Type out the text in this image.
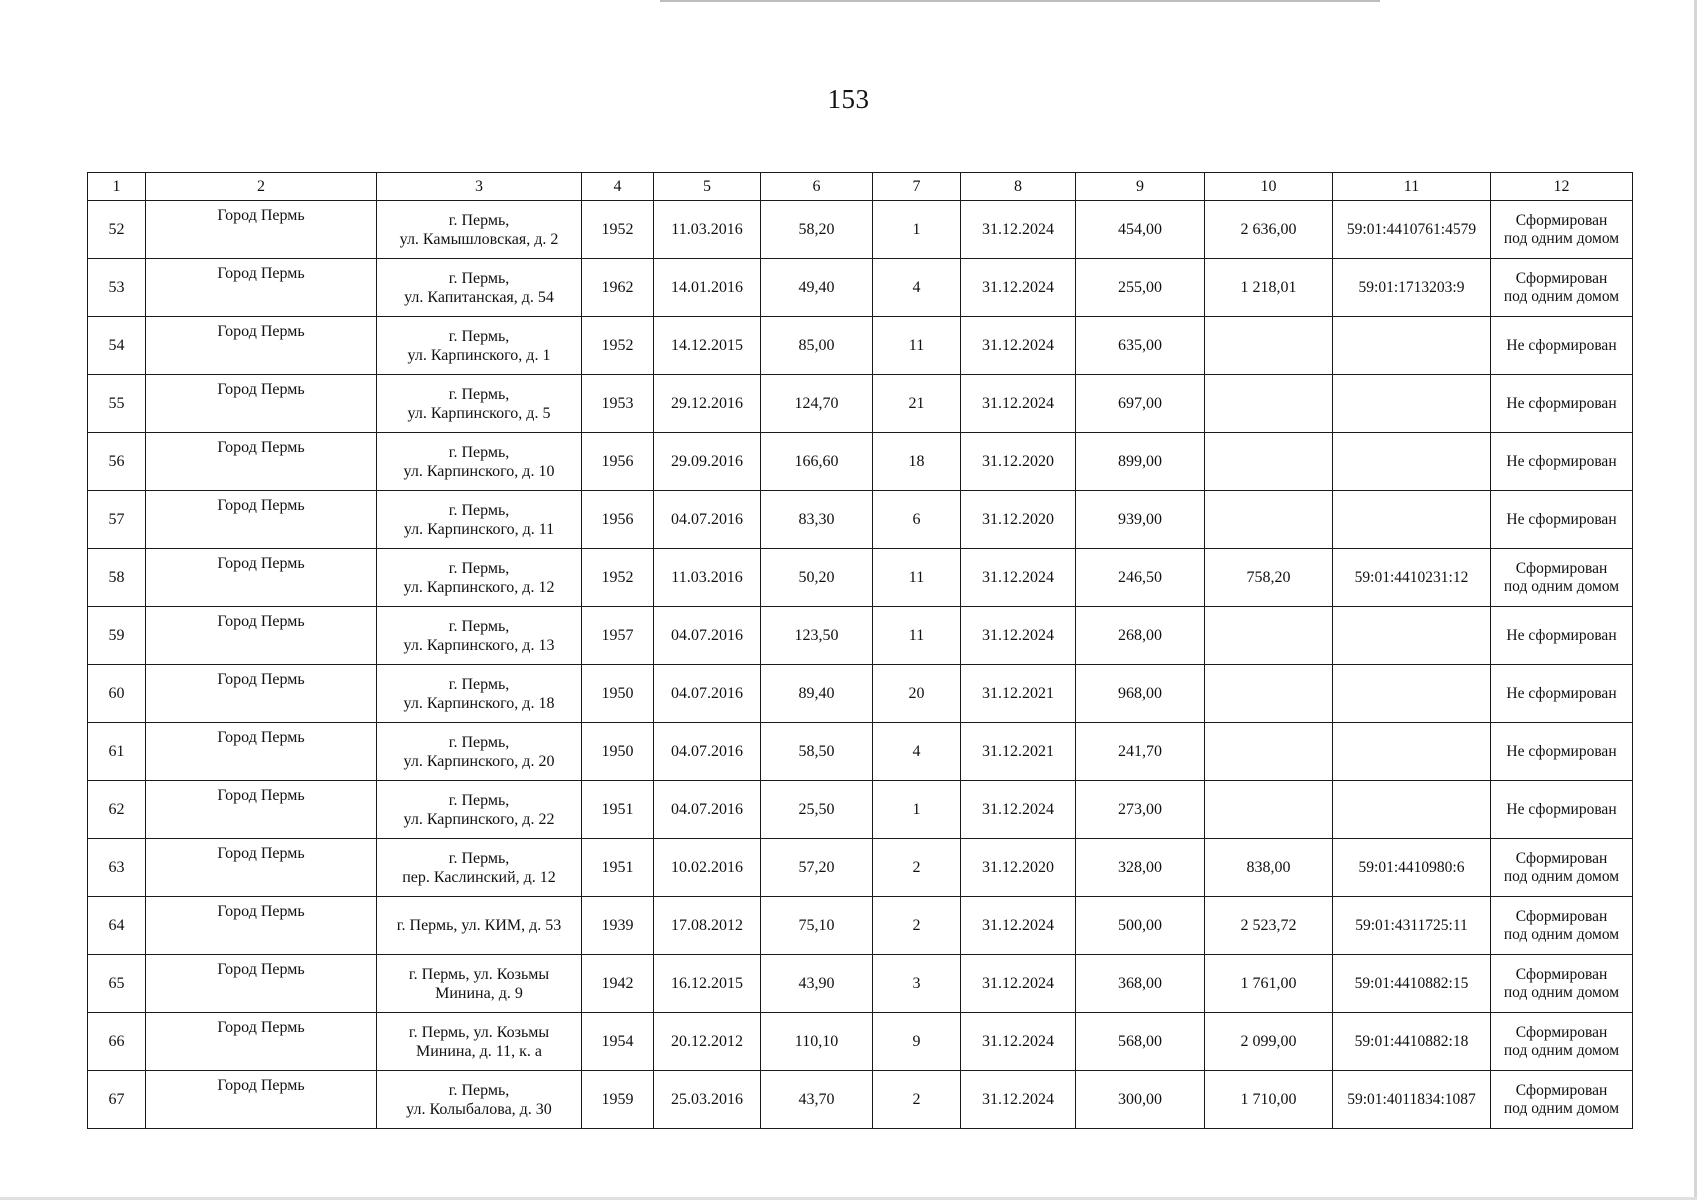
153
1	2	3	4	5	6	7	8	9	10	11	12
52	Город Пермь	г. Пермь,
ул. Камышловская, д. 2	1952	11.03.2016	58,20	1	31.12.2024	454,00	2 636,00	59:01:4410761:4579	Сформирован
под одним домом

53	Город Пермь	г. Пермь,
ул. Капитанская, д. 54	1962	14.01.2016	49,40	4	31.12.2024	255,00	1 218,01	59:01:1713203:9	Сформирован
под одним домом

54	Город Пермь	г. Пермь,
ул. Карпинского, д. 1	1952	14.12.2015	85,00	11	31.12.2024	635,00			Не сформирован

55	Город Пермь	г. Пермь,
ул. Карпинского, д. 5	1953	29.12.2016	124,70	21	31.12.2024	697,00			Не сформирован

56	Город Пермь	г. Пермь,
ул. Карпинского, д. 10	1956	29.09.2016	166,60	18	31.12.2020	899,00			Не сформирован

57	Город Пермь	г. Пермь,
ул. Карпинского, д. 11	1956	04.07.2016	83,30	6	31.12.2020	939,00			Не сформирован

58	Город Пермь	г. Пермь,
ул. Карпинского, д. 12	1952	11.03.2016	50,20	11	31.12.2024	246,50	758,20	59:01:4410231:12	Сформирован
под одним домом

59	Город Пермь	г. Пермь,
ул. Карпинского, д. 13	1957	04.07.2016	123,50	11	31.12.2024	268,00			Не сформирован

60	Город Пермь	г. Пермь,
ул. Карпинского, д. 18	1950	04.07.2016	89,40	20	31.12.2021	968,00			Не сформирован

61	Город Пермь	г. Пермь,
ул. Карпинского, д. 20	1950	04.07.2016	58,50	4	31.12.2021	241,70			Не сформирован

62	Город Пермь	г. Пермь,
ул. Карпинского, д. 22	1951	04.07.2016	25,50	1	31.12.2024	273,00			Не сформирован

63	Город Пермь	г. Пермь,
пер. Каслинский, д. 12	1951	10.02.2016	57,20	2	31.12.2020	328,00	838,00	59:01:4410980:6	Сформирован
под одним домом

64	Город Пермь	г. Пермь, ул. КИМ, д. 53	1939	17.08.2012	75,10	2	31.12.2024	500,00	2 523,72	59:01:4311725:11	Сформирован
под одним домом

65	Город Пермь	г. Пермь, ул. Козьмы
Минина, д. 9	1942	16.12.2015	43,90	3	31.12.2024	368,00	1 761,00	59:01:4410882:15	Сформирован
под одним домом

66	Город Пермь	г. Пермь, ул. Козьмы
Минина, д. 11, к. а	1954	20.12.2012	110,10	9	31.12.2024	568,00	2 099,00	59:01:4410882:18	Сформирован
под одним домом

67	Город Пермь	г. Пермь,
ул. Колыбалова, д. 30	1959	25.03.2016	43,70	2	31.12.2024	300,00	1 710,00	59:01:4011834:1087	Сформирован
под одним домом
